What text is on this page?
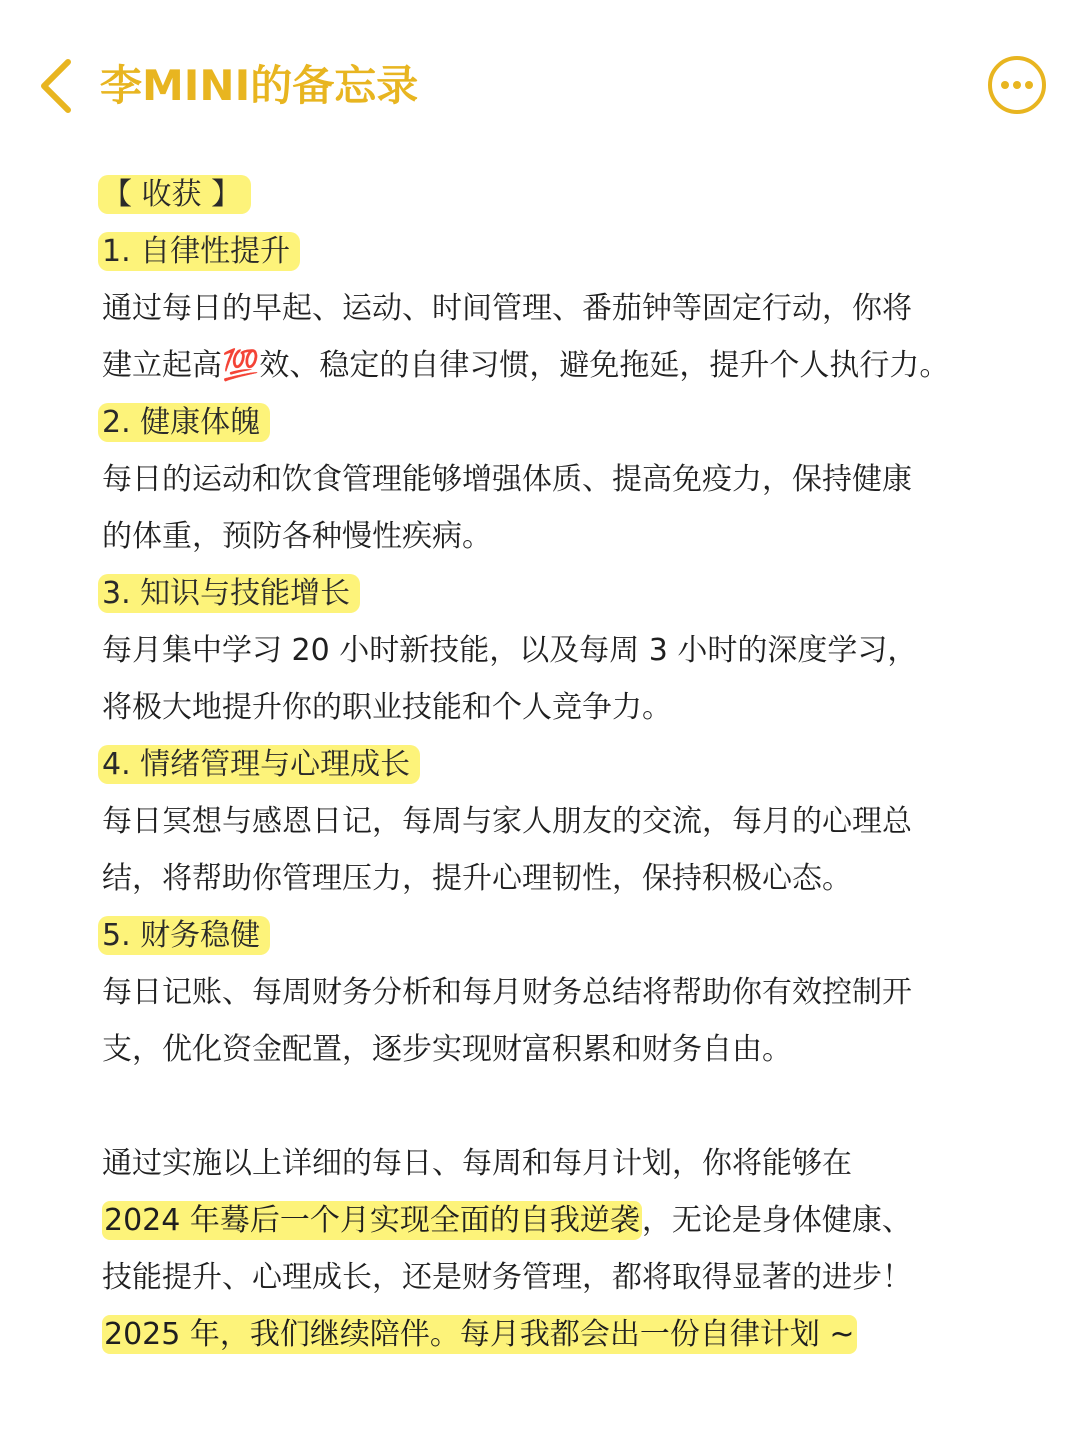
李MINI的备忘录
【 收获 】
1. 自律性提升
通过每日的早起、运动、时间管理、番茄钟等固定行动，你将
建立起高💯效、稳定的自律习惯，避免拖延，提升个人执行力。
2. 健康体魄
每日的运动和饮食管理能够增强体质、提高免疫力，保持健康
的体重，预防各种慢性疾病。
3. 知识与技能增长
每月集中学习 20 小时新技能，以及每周 3 小时的深度学习，
将极大地提升你的职业技能和个人竞争力。
4. 情绪管理与心理成长
每日冥想与感恩日记，每周与家人朋友的交流，每月的心理总
结，将帮助你管理压力，提升心理韧性，保持积极心态。
5. 财务稳健
每日记账、每周财务分析和每月财务总结将帮助你有效控制开
支，优化资金配置，逐步实现财富积累和财务自由。
通过实施以上详细的每日、每周和每月计划，你将能够在
2024 年蓦后一个月实现全面的自我逆袭，无论是身体健康、
技能提升、心理成长，还是财务管理，都将取得显著的进步！
2025 年，我们继续陪伴。每月我都会出一份自律计划 ~
